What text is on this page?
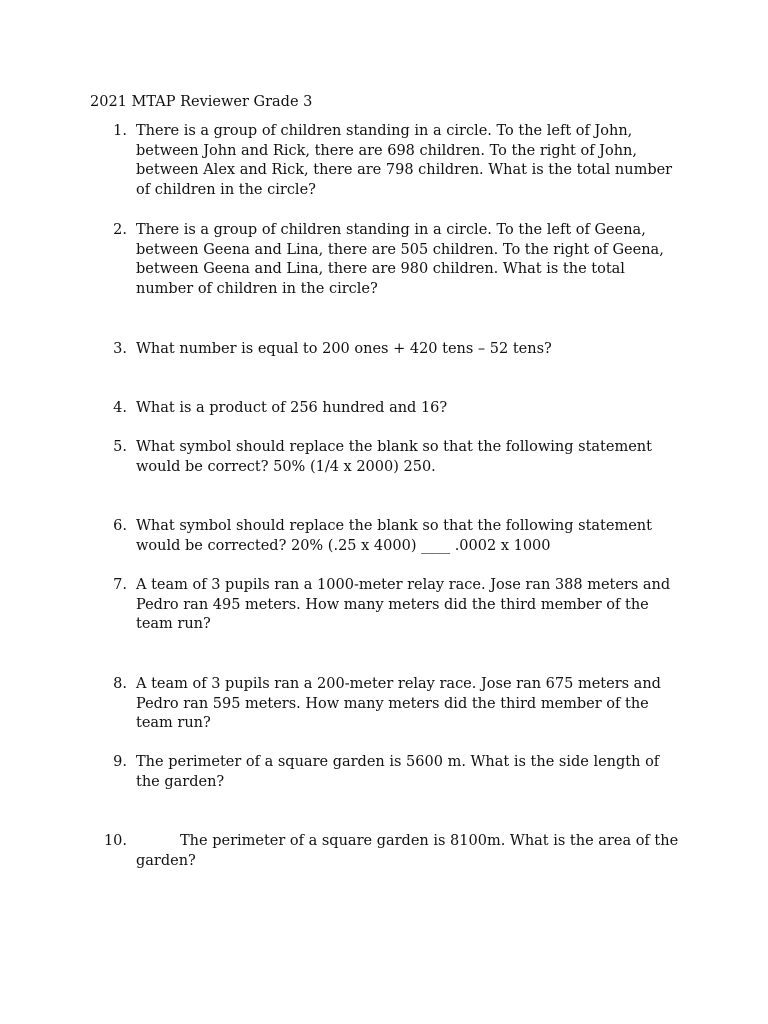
2021 MTAP Reviewer Grade 3
1. There is a group of children standing in a circle. To the left of John,
between John and Rick, there are 698 children. To the right of John,
between Alex and Rick, there are 798 children. What is the total number
of children in the circle?
2. There is a group of children standing in a circle. To the left of Geena,
between Geena and Lina, there are 505 children. To the right of Geena,
between Geena and Lina, there are 980 children. What is the total
number of children in the circle?
3. What number is equal to 200 ones + 420 tens – 52 tens?
4. What is a product of 256 hundred and 16?
5. What symbol should replace the blank so that the following statement
would be correct? 50% (1/4 x 2000) 250.
6. What symbol should replace the blank so that the following statement
would be corrected? 20% (.25 x 4000) ____ .0002 x 1000
7. A team of 3 pupils ran a 1000-meter relay race. Jose ran 388 meters and
Pedro ran 495 meters. How many meters did the third member of the
team run?
8. A team of 3 pupils ran a 200-meter relay race. Jose ran 675 meters and
Pedro ran 595 meters. How many meters did the third member of the
team run?
9. The perimeter of a square garden is 5600 m. What is the side length of
the garden?
10.	The perimeter of a square garden is 8100m. What is the area of the
garden?
